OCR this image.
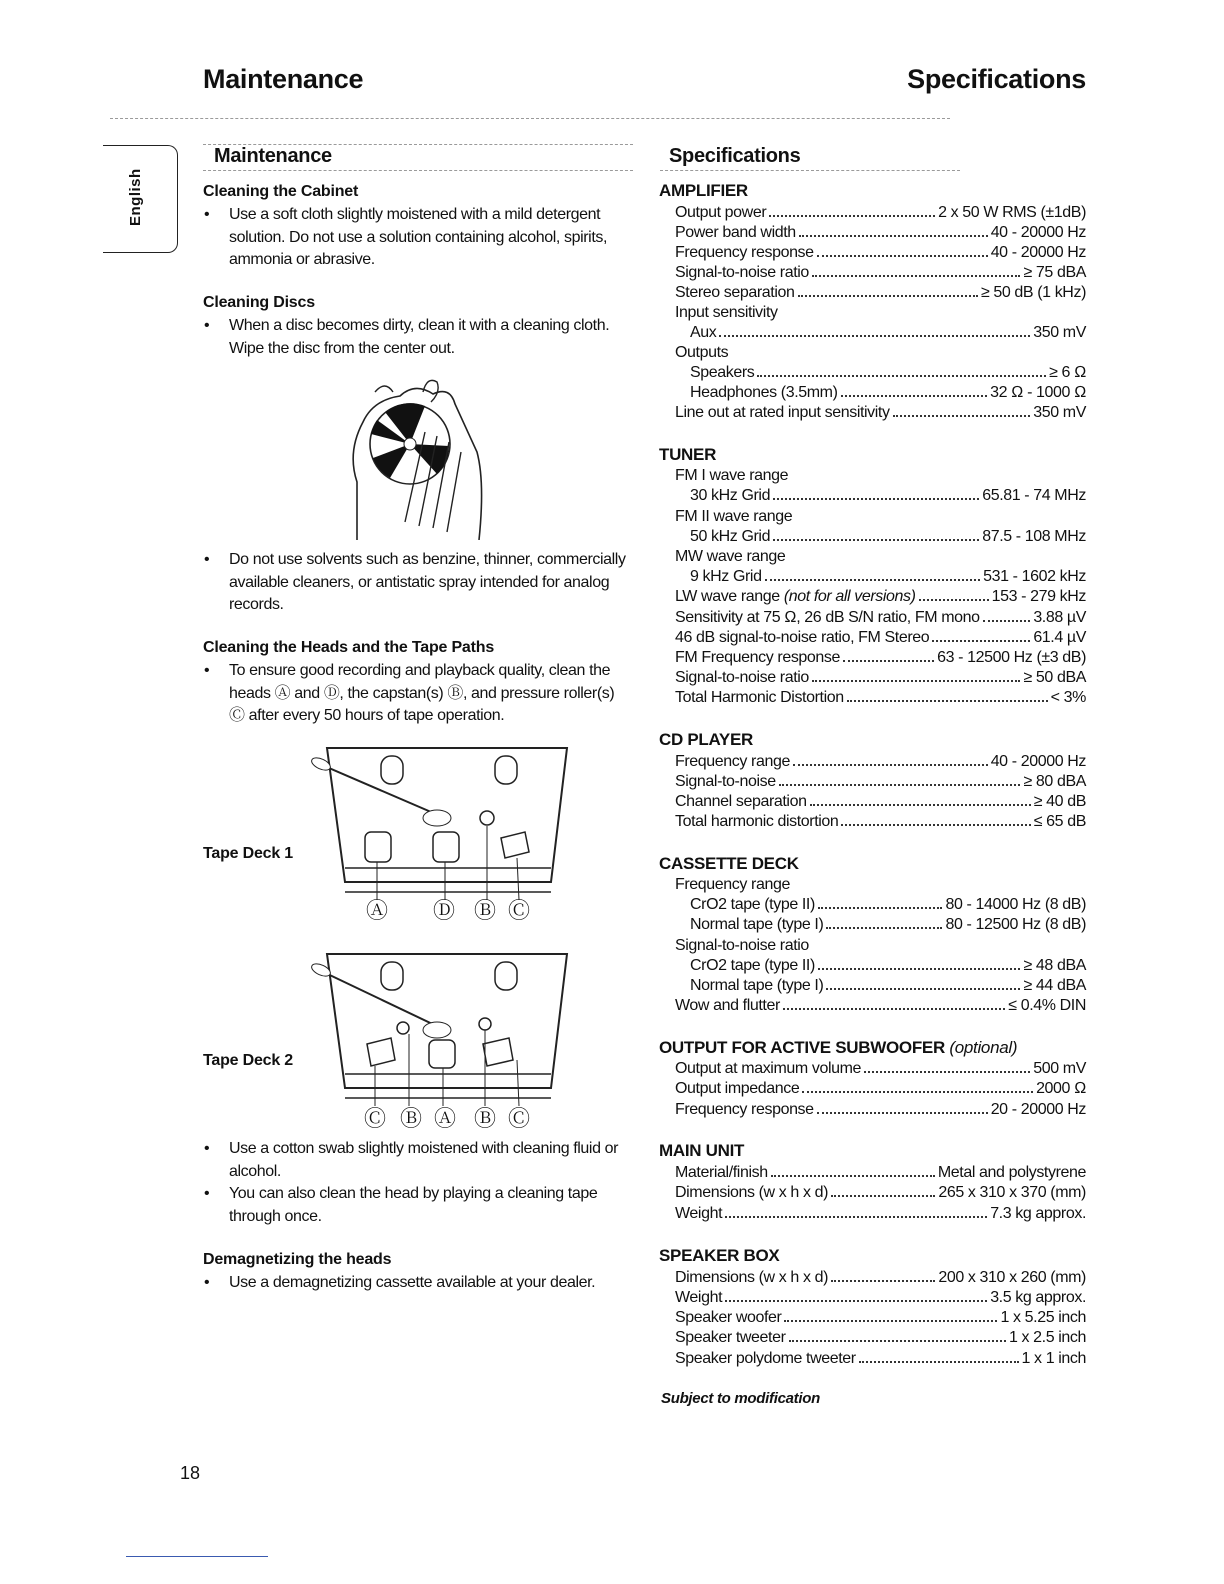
Maintenance	Specifications
English
Maintenance
Cleaning the Cabinet
• Use a soft cloth slightly moistened with a mild detergent solution. Do not use a solution containing alcohol, spirits, ammonia or abrasive.
Cleaning Discs
• When a disc becomes dirty, clean it with a cleaning cloth. Wipe the disc from the center out.
• Do not use solvents such as benzine, thinner, commercially available cleaners, or antistatic spray intended for analog records.
Cleaning the Heads and the Tape Paths
• To ensure good recording and playback quality, clean the heads Ⓐ and Ⓓ, the capstan(s) Ⓑ, and pressure roller(s) Ⓒ after every 50 hours of tape operation.
Tape Deck 1
Ⓐ Ⓓ Ⓑ Ⓒ
Tape Deck 2
Ⓒ Ⓑ Ⓐ Ⓑ Ⓒ
• Use a cotton swab slightly moistened with cleaning fluid or alcohol.
• You can also clean the head by playing a cleaning tape through once.
Demagnetizing the heads
• Use a demagnetizing cassette available at your dealer.
Specifications
AMPLIFIER
Output power	2 x 50 W RMS (±1dB)
Power band width	40 - 20000 Hz
Frequency response	40 - 20000 Hz
Signal-to-noise ratio	≥ 75 dBA
Stereo separation	≥ 50 dB (1 kHz)
Input sensitivity
Aux	350 mV
Outputs
Speakers	≥ 6 Ω
Headphones (3.5mm)	32 Ω - 1000 Ω
Line out at rated input sensitivity	350 mV
TUNER
FM I wave range
30 kHz Grid	65.81 - 74 MHz
FM II wave range
50 kHz Grid	87.5 - 108 MHz
MW wave range
9 kHz Grid	531 - 1602 kHz
LW wave range (not for all versions)	153 - 279 kHz
Sensitivity at 75 Ω, 26 dB S/N ratio, FM mono	3.88 µV
46 dB signal-to-noise ratio, FM Stereo	61.4 µV
FM Frequency response	63 - 12500 Hz (±3 dB)
Signal-to-noise ratio	≥ 50 dBA
Total Harmonic Distortion	< 3%
CD PLAYER
Frequency range	40 - 20000 Hz
Signal-to-noise	≥ 80 dBA
Channel separation	≥ 40 dB
Total harmonic distortion	≤ 65 dB
CASSETTE DECK
Frequency range
CrO2 tape (type II)	80 - 14000 Hz (8 dB)
Normal tape (type I)	80 - 12500 Hz (8 dB)
Signal-to-noise ratio
CrO2 tape (type II)	≥ 48 dBA
Normal tape (type I)	≥ 44 dBA
Wow and flutter	≤ 0.4% DIN
OUTPUT FOR ACTIVE SUBWOOFER (optional)
Output at maximum volume	500 mV
Output impedance	2000 Ω
Frequency response	20 - 20000 Hz
MAIN UNIT
Material/finish	Metal and polystyrene
Dimensions (w x h x d)	265 x 310 x 370 (mm)
Weight	7.3 kg approx.
SPEAKER BOX
Dimensions (w x h x d)	200 x 310 x 260 (mm)
Weight	3.5 kg approx.
Speaker woofer	1 x 5.25 inch
Speaker tweeter	1 x 2.5 inch
Speaker polydome tweeter	1 x 1 inch
Subject to modification
18
